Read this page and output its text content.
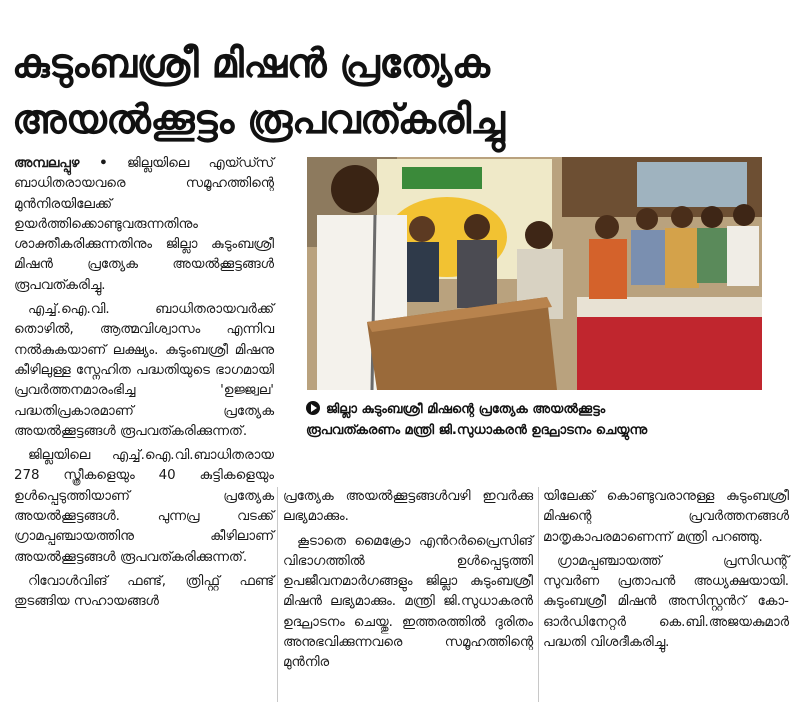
കുടുംബശ്രീ മിഷൻ പ്രത്യേക
അയൽക്കൂട്ടം രൂപവത്കരിച്ചു

അമ്പലപ്പുഴ • ജില്ലയിലെ എയ്ഡ്സ് ബാധിതരായവരെ സമൂഹത്തിന്റെ മുൻനിരയിലേക്ക് ഉയർത്തിക്കൊണ്ടുവരുന്നതിനും ശാക്തീകരിക്കുന്നതിനും ജില്ലാ കുടുംബശ്രീ മിഷൻ പ്രത്യേക അയൽക്കൂട്ടങ്ങൾ രൂപവത്കരിച്ചു.

എച്ച്.ഐ.വി. ബാധിതരായവർക്ക് തൊഴിൽ, ആത്മവിശ്വാസം എന്നിവ നൽകുകയാണ് ലക്ഷ്യം. കുടുംബശ്രീ മിഷനു കീഴിലുള്ള സ്നേഹിത പദ്ധതിയുടെ ഭാഗമായി പ്രവർത്തനമാരംഭിച്ച 'ഉജ്ജ്വല' പദ്ധതിപ്രകാരമാണ് പ്രത്യേക അയൽക്കൂട്ടങ്ങൾ രൂപവത്കരിക്കുന്നത്.

ജില്ലയിലെ എച്ച്.ഐ.വി.ബാധിതരായ 278 സ്ത്രീകളെയും 40 കുട്ടികളെയും ഉൾപ്പെടുത്തിയാണ് പ്രത്യേക അയൽക്കൂട്ടങ്ങൾ. പുന്നപ്ര വടക്ക് ഗ്രാമപ്പഞ്ചായത്തിനു കീഴിലാണ് അയൽക്കൂട്ടങ്ങൾ രൂപവത്കരിക്കുന്നത്.

റിവോൾവിങ് ഫണ്ട്, ത്രിഫ്റ്റ് ഫണ്ട് തുടങ്ങിയ സഹായങ്ങൾ

ജില്ലാ കുടുംബശ്രീ മിഷന്റെ പ്രത്യേക അയൽക്കൂട്ടം
രൂപവത്കരണം മന്ത്രി ജി.സുധാകരൻ ഉദ്ഘാടനം ചെയ്യുന്നു

പ്രത്യേക അയൽക്കൂട്ടങ്ങൾവഴി ഇവർക്കു ലഭ്യമാക്കും.

കൂടാതെ മൈക്രോ എൻറർപ്രൈസിങ് വിഭാഗത്തിൽ ഉൾപ്പെടുത്തി ഉപജീവനമാർഗങ്ങളും ജില്ലാ കുടുംബശ്രീ മിഷൻ ലഭ്യമാക്കും. മന്ത്രി ജി.സുധാകരൻ ഉദ്ഘാടനം ചെയ്തു. ഇത്തരത്തിൽ ദുരിതം അനുഭവിക്കുന്നവരെ സമൂഹത്തിന്റെ മുൻനിര

യിലേക്ക് കൊണ്ടുവരാനുള്ള കുടുംബശ്രീ മിഷന്റെ പ്രവർത്തനങ്ങൾ മാതൃകാപരമാണെന്ന് മന്ത്രി പറഞ്ഞു.

ഗ്രാമപ്പഞ്ചായത്ത് പ്രസിഡന്റ് സുവർണ പ്രതാപൻ അധ്യക്ഷയായി. കുടുംബശ്രീ മിഷൻ അസിസ്റ്റൻറ് കോ-ഓർഡിനേറ്റർ കെ.ബി.അജയകുമാർ പദ്ധതി വിശദീകരിച്ചു.
